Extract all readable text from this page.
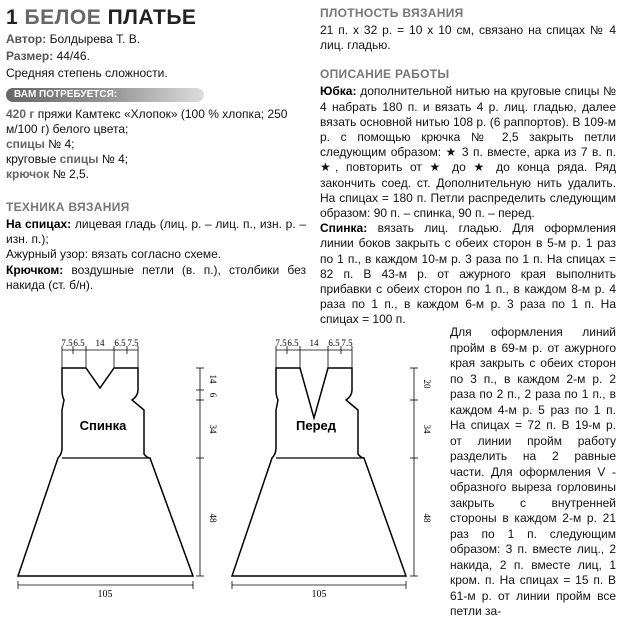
1 БЕЛОЕ ПЛАТЬЕ
Автор: Болдырева Т. В.
Размер: 44/46.
Средняя степень сложности.
ВАМ ПОТРЕБУЕТСЯ:
420 г пряжи Камтекс «Хлопок» (100 % хлопка; 250 м/100 г) белого цвета;
спицы № 4;
круговые спицы № 4;
крючок № 2,5.
ТЕХНИКА ВЯЗАНИЯ

На спицах: лицевая гладь (лиц. р. – лиц. п., изн. р. – изн. п.);

Ажурный узор: вязать согласно схеме.

Крючком: воздушные петли (в. п.), столбики без накида (ст. б/н).

ПЛОТНОСТЬ ВЯЗАНИЯ

21 п. х 32 р. = 10 х 10 см, связано на спицах № 4 лиц. гладью.

ОПИСАНИЕ РАБОТЫ

Юбка: дополнительной нитью на круговые спицы № 4 набрать 180 п. и вязать 4 р. лиц. гладью, далее вязать основной нитью 108 р. (6 раппортов). В 109-м р. с помощью крючка № 2,5 закрыть петли следующим образом: ★ 3 п. вместе, арка из 7 в. п. ★, повторить от ★ до ★ до конца ряда. Ряд закончить соед. ст. Дополнительную нить удалить. На спицах = 180 п. Петли распределить следующим образом: 90 п. – спинка, 90 п. – перед.

Спинка: вязать лиц. гладью. Для оформления линии боков закрыть с обеих сторон в 5-м р. 1 раз по 1 п., в каждом 10-м р. 3 раза по 1 п. На спицах = 82 п. В 43-м р. от ажурного края выполнить прибавки с обеих сторон по 1 п., в каждом 8-м р. 4 раза по 1 п., в каждом 6-м р. 3 раза по 1 п. На спицах = 100 п.

Для оформления линий пройм в 69-м р. от ажурного края закрыть с обеих сторон по 3 п., в каждом 2-м р. 2 раза по 2 п., 2 раза по 1 п., в каждом 4-м р. 5 раз по 1 п. На спицах = 72 п. В 19-м р. от линии пройм работу разделить на 2 равные части. Для оформления V - образного выреза горловины закрыть с внутренней стороны в каждом 2-м р. 21 раз по 1 п. следующим образом: 3 п. вместе лиц., 2 накида, 2 п. вместе лиц, 1 кром. п. На спицах = 15 п. В 61-м р. от линии пройм все петли за-
7.5 6.5 14 6.5 7.5
14
6
34
48
105
Спинка
7.5 6.5 14 6.5 7.5
20
34
48
105
Перед
